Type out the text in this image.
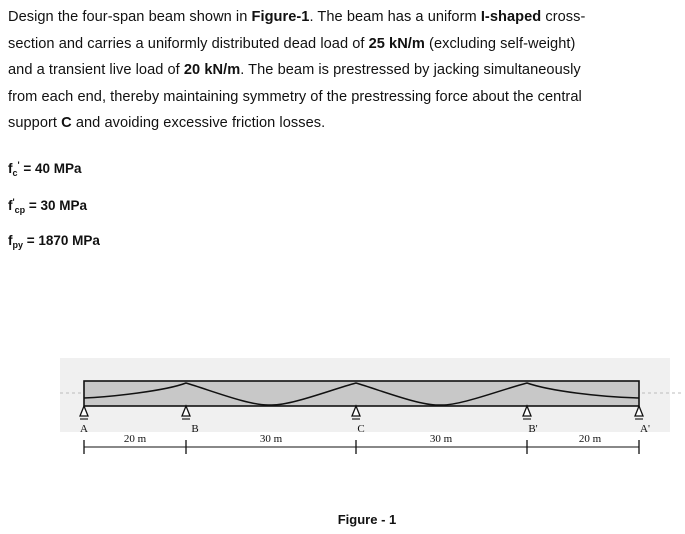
Design the four-span beam shown in Figure-1. The beam has a uniform I-shaped cross-
section and carries a uniformly distributed dead load of 25 kN/m (excluding self-weight)
and a transient live load of 20 kN/m. The beam is prestressed by jacking simultaneously
from each end, thereby maintaining symmetry of the prestressing force about the central
support C and avoiding excessive friction losses.
$f_c' = 40$ MPa
$f'_{cp} = 30$ MPa
$f_{py} = 1870$ MPa
A	B	C	B'	A'
20 m	30 m	30 m	20 m
Figure - 1
